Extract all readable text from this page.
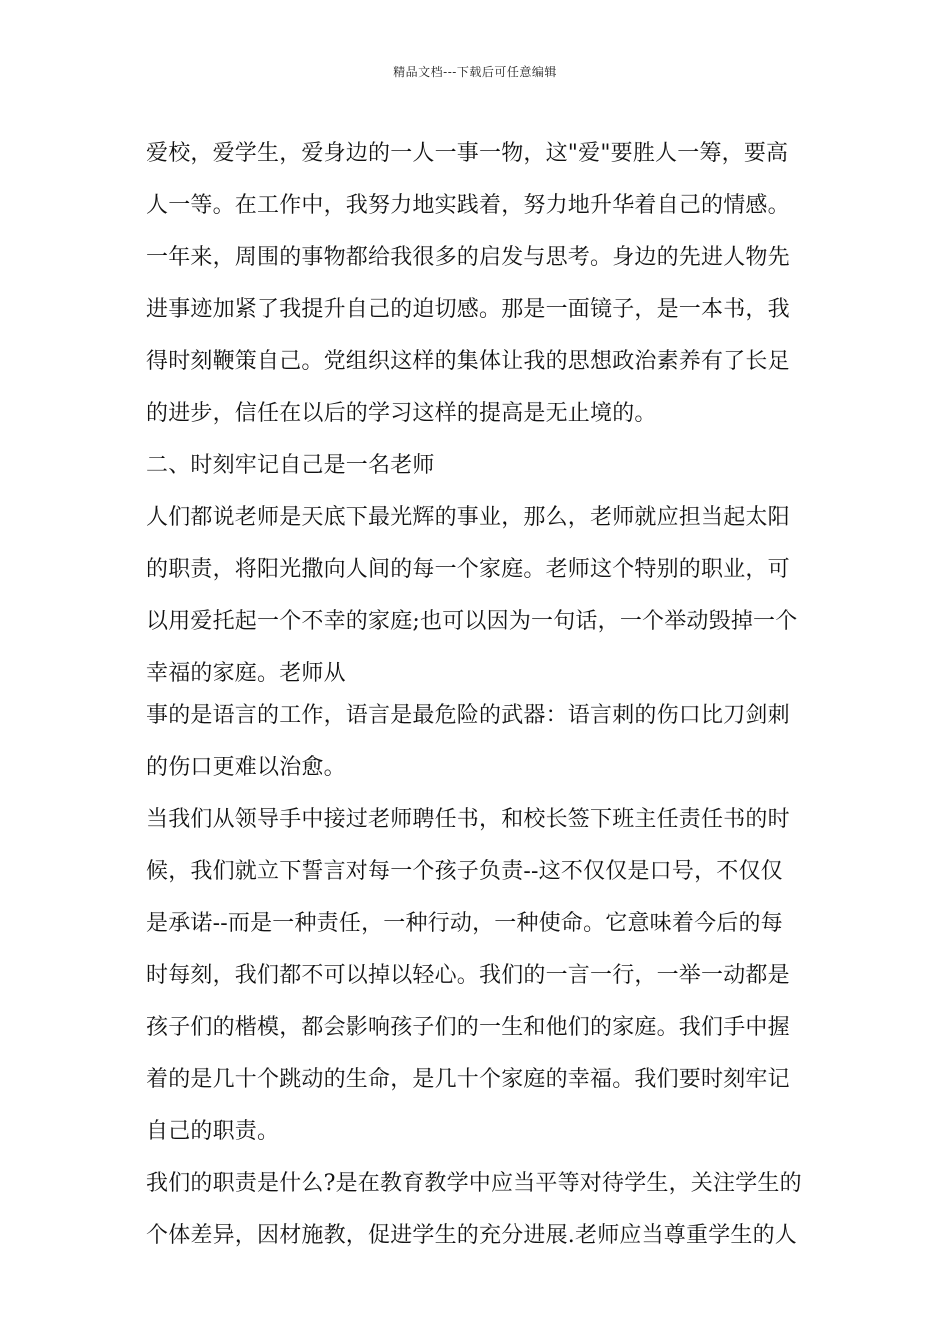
精品文档---下载后可任意编辑
爱校，爱学生，爱身边的一人一事一物，这"爱"要胜人一筹，要高
人一等。在工作中，我努力地实践着，努力地升华着自己的情感。
一年来，周围的事物都给我很多的启发与思考。身边的先进人物先
进事迹加紧了我提升自己的迫切感。那是一面镜子，是一本书，我
得时刻鞭策自己。党组织这样的集体让我的思想政治素养有了长足
的进步，信任在以后的学习这样的提高是无止境的。
二、时刻牢记自己是一名老师
人们都说老师是天底下最光辉的事业，那么，老师就应担当起太阳
的职责，将阳光撒向人间的每一个家庭。老师这个特别的职业，可
以用爱托起一个不幸的家庭;也可以因为一句话，一个举动毁掉一个
幸福的家庭。老师从
事的是语言的工作，语言是最危险的武器：语言刺的伤口比刀剑刺
的伤口更难以治愈。
当我们从领导手中接过老师聘任书，和校长签下班主任责任书的时
候，我们就立下誓言对每一个孩子负责--这不仅仅是口号，不仅仅
是承诺--而是一种责任，一种行动，一种使命。它意味着今后的每
时每刻，我们都不可以掉以轻心。我们的一言一行，一举一动都是
孩子们的楷模，都会影响孩子们的一生和他们的家庭。我们手中握
着的是几十个跳动的生命，是几十个家庭的幸福。我们要时刻牢记
自己的职责。
我们的职责是什么?是在教育教学中应当平等对待学生，关注学生的
个体差异，因材施教，促进学生的充分进展.老师应当尊重学生的人
